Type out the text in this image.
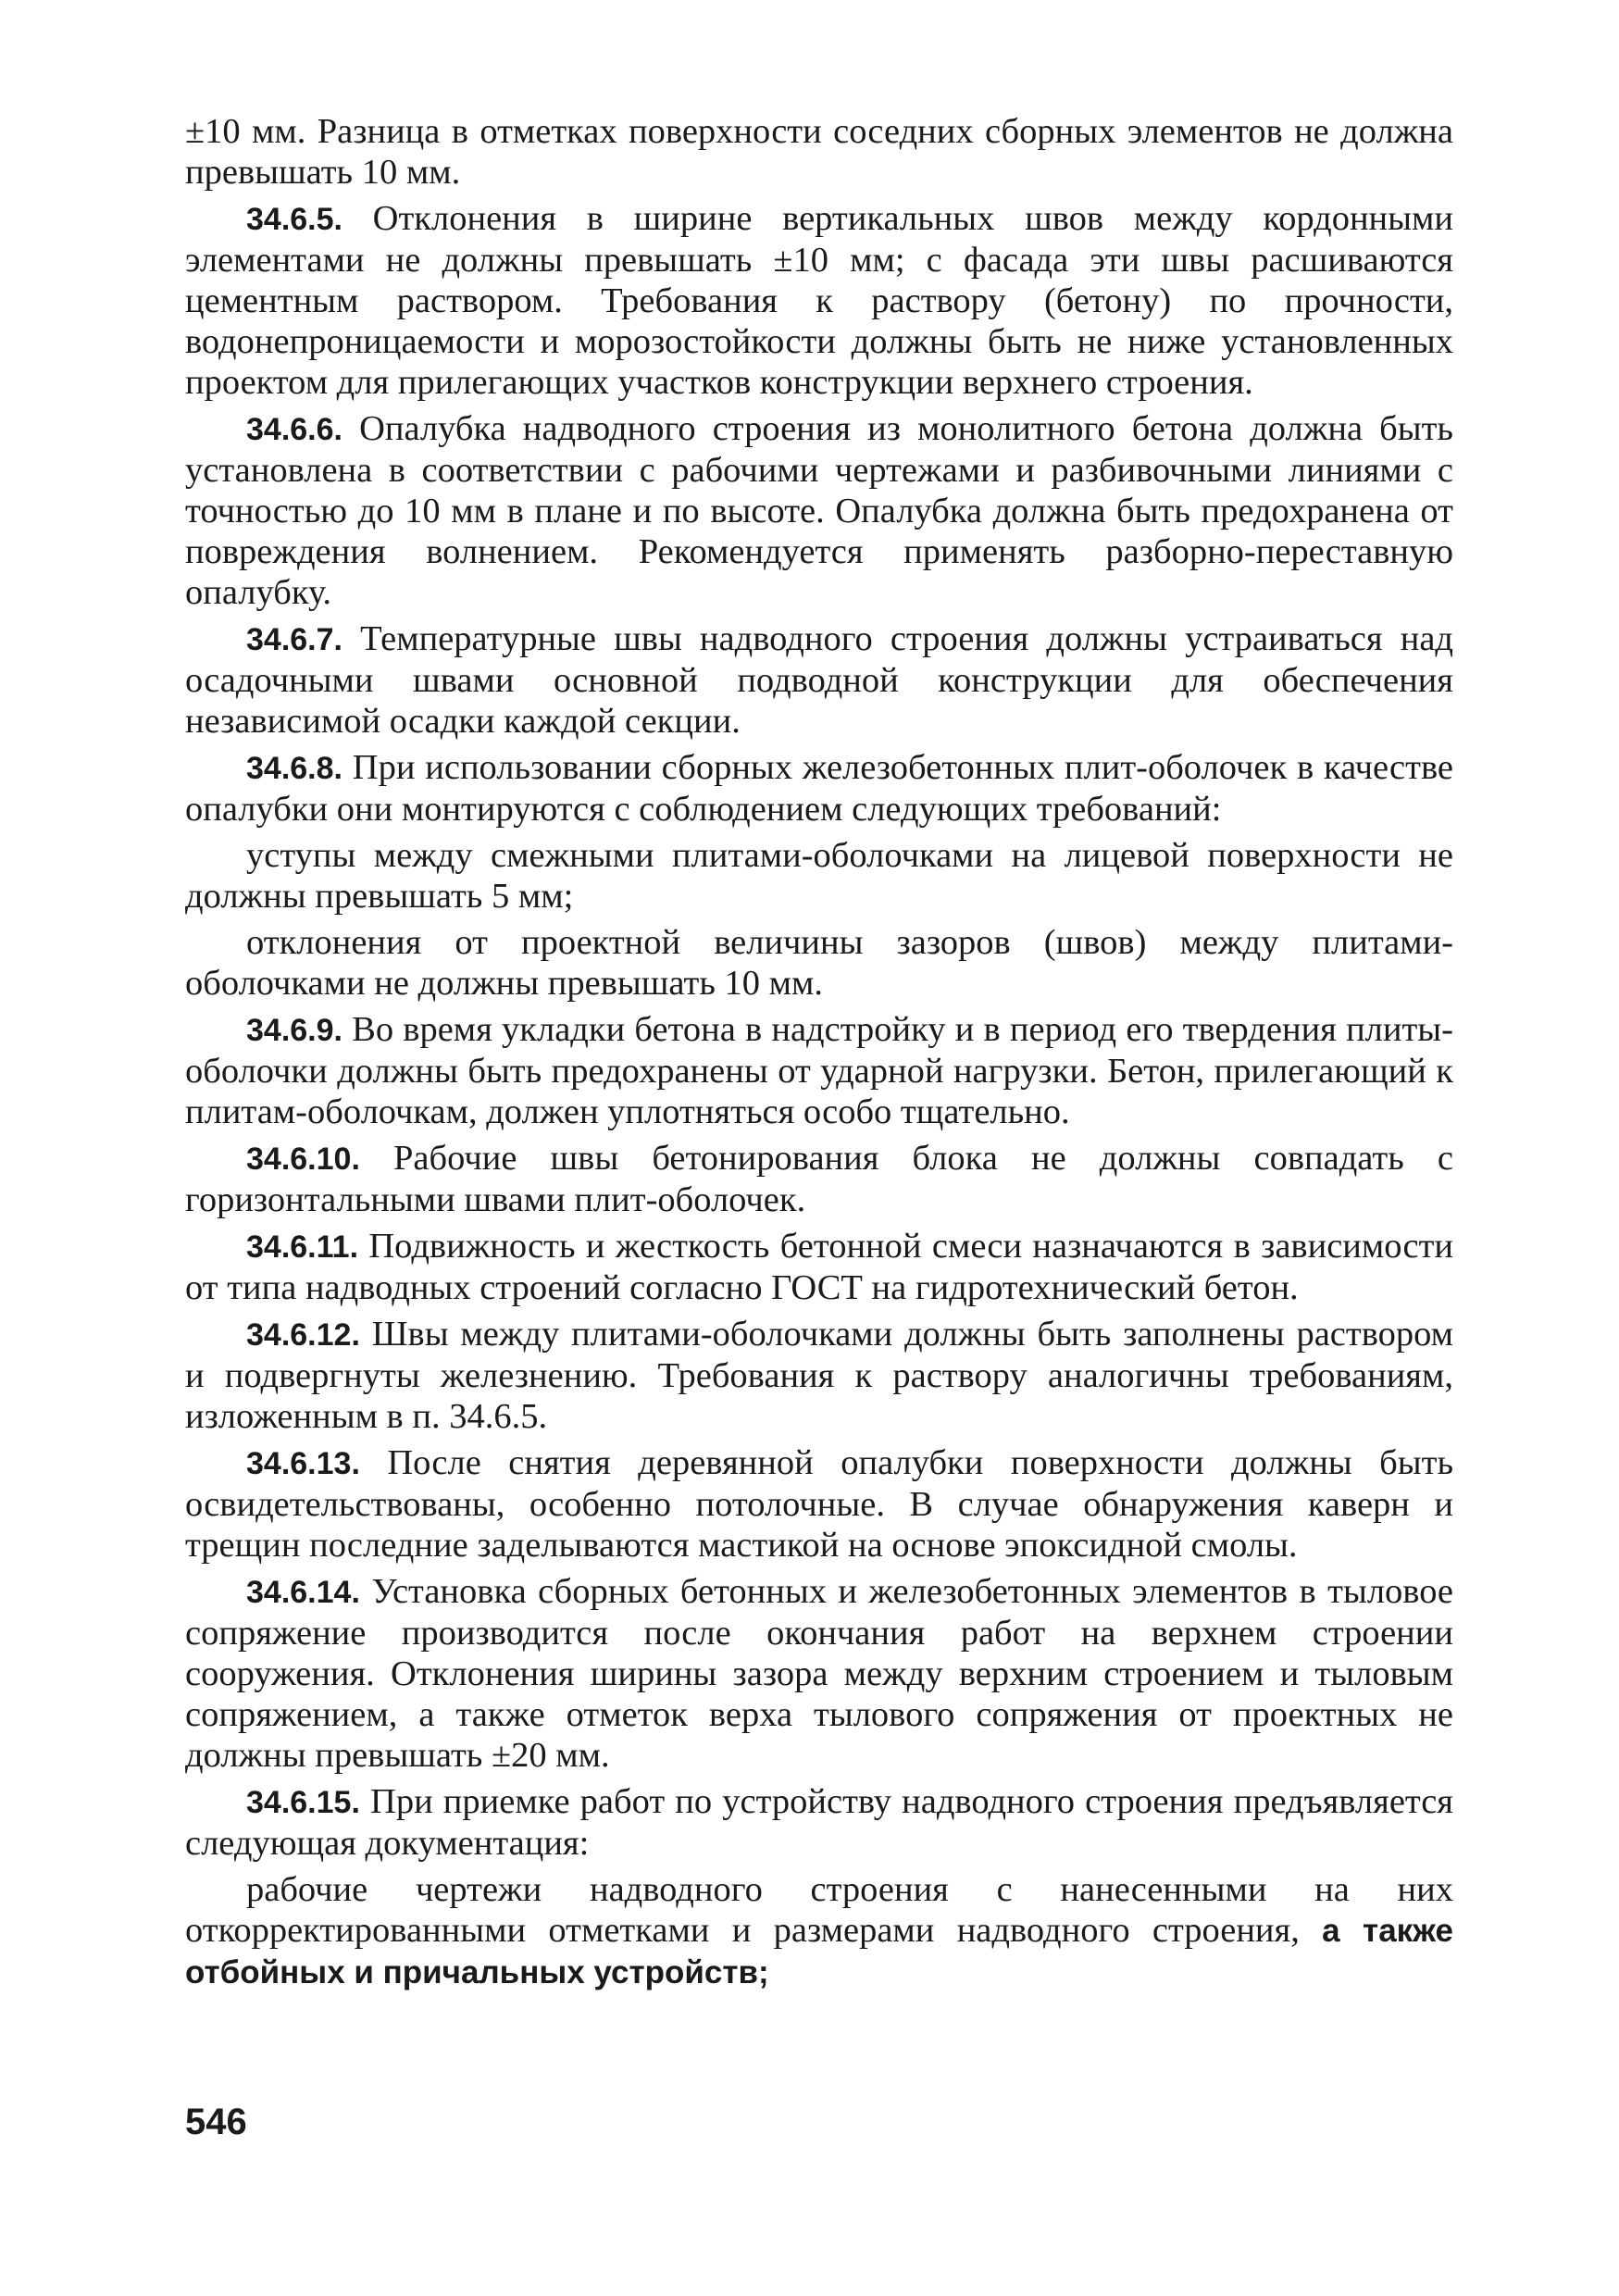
±10 мм. Разница в отметках поверхности соседних сборных элементов не должна превышать 10 мм.

34.6.5. Отклонения в ширине вертикальных швов между кордонными элементами не должны превышать ±10 мм; с фасада эти швы расшиваются цементным раствором. Требования к раствору (бетону) по прочности, водонепроницаемости и морозостойкости должны быть не ниже установленных проектом для прилегающих участков конструкции верхнего строения.

34.6.6. Опалубка надводного строения из монолитного бетона должна быть установлена в соответствии с рабочими чертежами и разбивочными линиями с точностью до 10 мм в плане и по высоте. Опалубка должна быть предохранена от повреждения волнением. Рекомендуется применять разборно-переставную опалубку.

34.6.7. Температурные швы надводного строения должны устраиваться над осадочными швами основной подводной конструкции для обеспечения независимой осадки каждой секции.

34.6.8. При использовании сборных железобетонных плит-оболочек в качестве опалубки они монтируются с соблюдением следующих требований:

уступы между смежными плитами-оболочками на лицевой поверхности не должны превышать 5 мм;

отклонения от проектной величины зазоров (швов) между плитами-оболочками не должны превышать 10 мм.

34.6.9. Во время укладки бетона в надстройку и в период его твердения плиты-оболочки должны быть предохранены от ударной нагрузки. Бетон, прилегающий к плитам-оболочкам, должен уплотняться особо тщательно.

34.6.10. Рабочие швы бетонирования блока не должны совпадать с горизонтальными швами плит-оболочек.

34.6.11. Подвижность и жесткость бетонной смеси назначаются в зависимости от типа надводных строений согласно ГОСТ на гидротехнический бетон.

34.6.12. Швы между плитами-оболочками должны быть заполнены раствором и подвергнуты железнению. Требования к раствору аналогичны требованиям, изложенным в п. 34.6.5.

34.6.13. После снятия деревянной опалубки поверхности должны быть освидетельствованы, особенно потолочные. В случае обнаружения каверн и трещин последние заделываются мастикой на основе эпоксидной смолы.

34.6.14. Установка сборных бетонных и железобетонных элементов в тыловое сопряжение производится после окончания работ на верхнем строении сооружения. Отклонения ширины зазора между верхним строением и тыловым сопряжением, а также отметок верха тылового сопряжения от проектных не должны превышать ±20 мм.

34.6.15. При приемке работ по устройству надводного строения предъявляется следующая документация:

рабочие чертежи надводного строения с нанесенными на них откорректированными отметками и размерами надводного строения, а также отбойных и причальных устройств;

546
